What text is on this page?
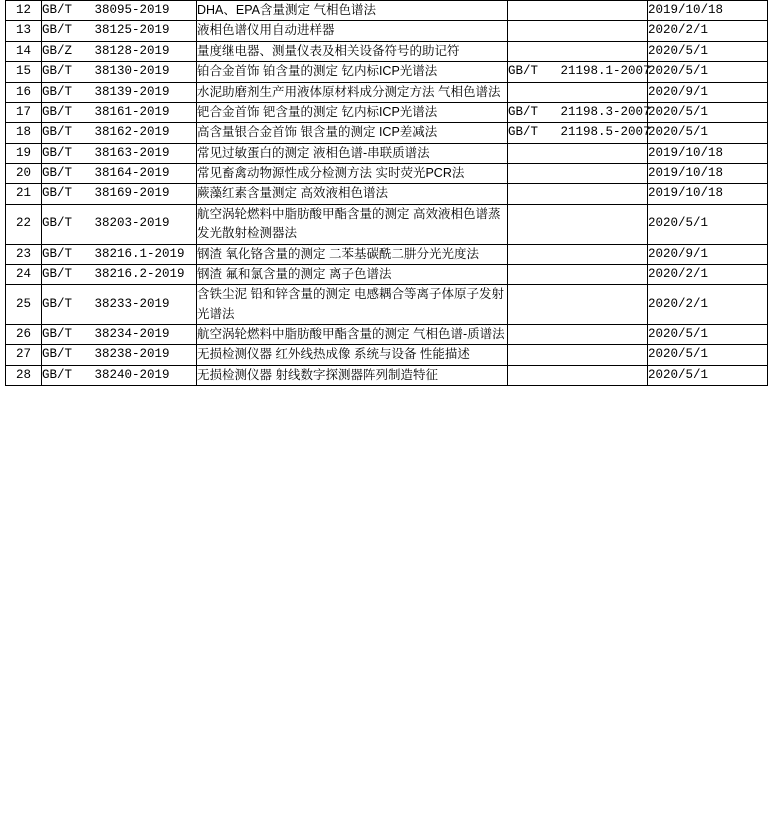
12	GB/T   38095-2019	DHA、EPA含量测定 气相色谱法		2019/10/18
13	GB/T   38125-2019	液相色谱仪用自动进样器		2020/2/1
14	GB/Z   38128-2019	量度继电器、测量仪表及相关设备符号的助记符		2020/5/1
15	GB/T   38130-2019	铂合金首饰 铂含量的测定 钇内标ICP光谱法	GB/T   21198.1-2007	2020/5/1
16	GB/T   38139-2019	水泥助磨剂生产用液体原材料成分测定方法 气相色谱法		2020/9/1
17	GB/T   38161-2019	钯合金首饰 钯含量的测定 钇内标ICP光谱法	GB/T   21198.3-2007	2020/5/1
18	GB/T   38162-2019	高含量银合金首饰 银含量的测定 ICP差减法	GB/T   21198.5-2007	2020/5/1
19	GB/T   38163-2019	常见过敏蛋白的测定 液相色谱-串联质谱法		2019/10/18
20	GB/T   38164-2019	常见畜禽动物源性成分检测方法 实时荧光PCR法		2019/10/18
21	GB/T   38169-2019	蕨藻红素含量测定 高效液相色谱法		2019/10/18
22	GB/T   38203-2019	航空涡轮燃料中脂肪酸甲酯含量的测定 高效液相色谱蒸发光散射检测器法		2020/5/1
23	GB/T   38216.1-2019	钢渣 氧化铬含量的测定 二苯基碳酰二肼分光光度法		2020/9/1
24	GB/T   38216.2-2019	钢渣 氟和氯含量的测定 离子色谱法		2020/2/1
25	GB/T   38233-2019	含铁尘泥 铅和锌含量的测定 电感耦合等离子体原子发射光谱法		2020/2/1
26	GB/T   38234-2019	航空涡轮燃料中脂肪酸甲酯含量的测定 气相色谱-质谱法		2020/5/1
27	GB/T   38238-2019	无损检测仪器 红外线热成像 系统与设备 性能描述		2020/5/1
28	GB/T   38240-2019	无损检测仪器 射线数字探测器阵列制造特征		2020/5/1
